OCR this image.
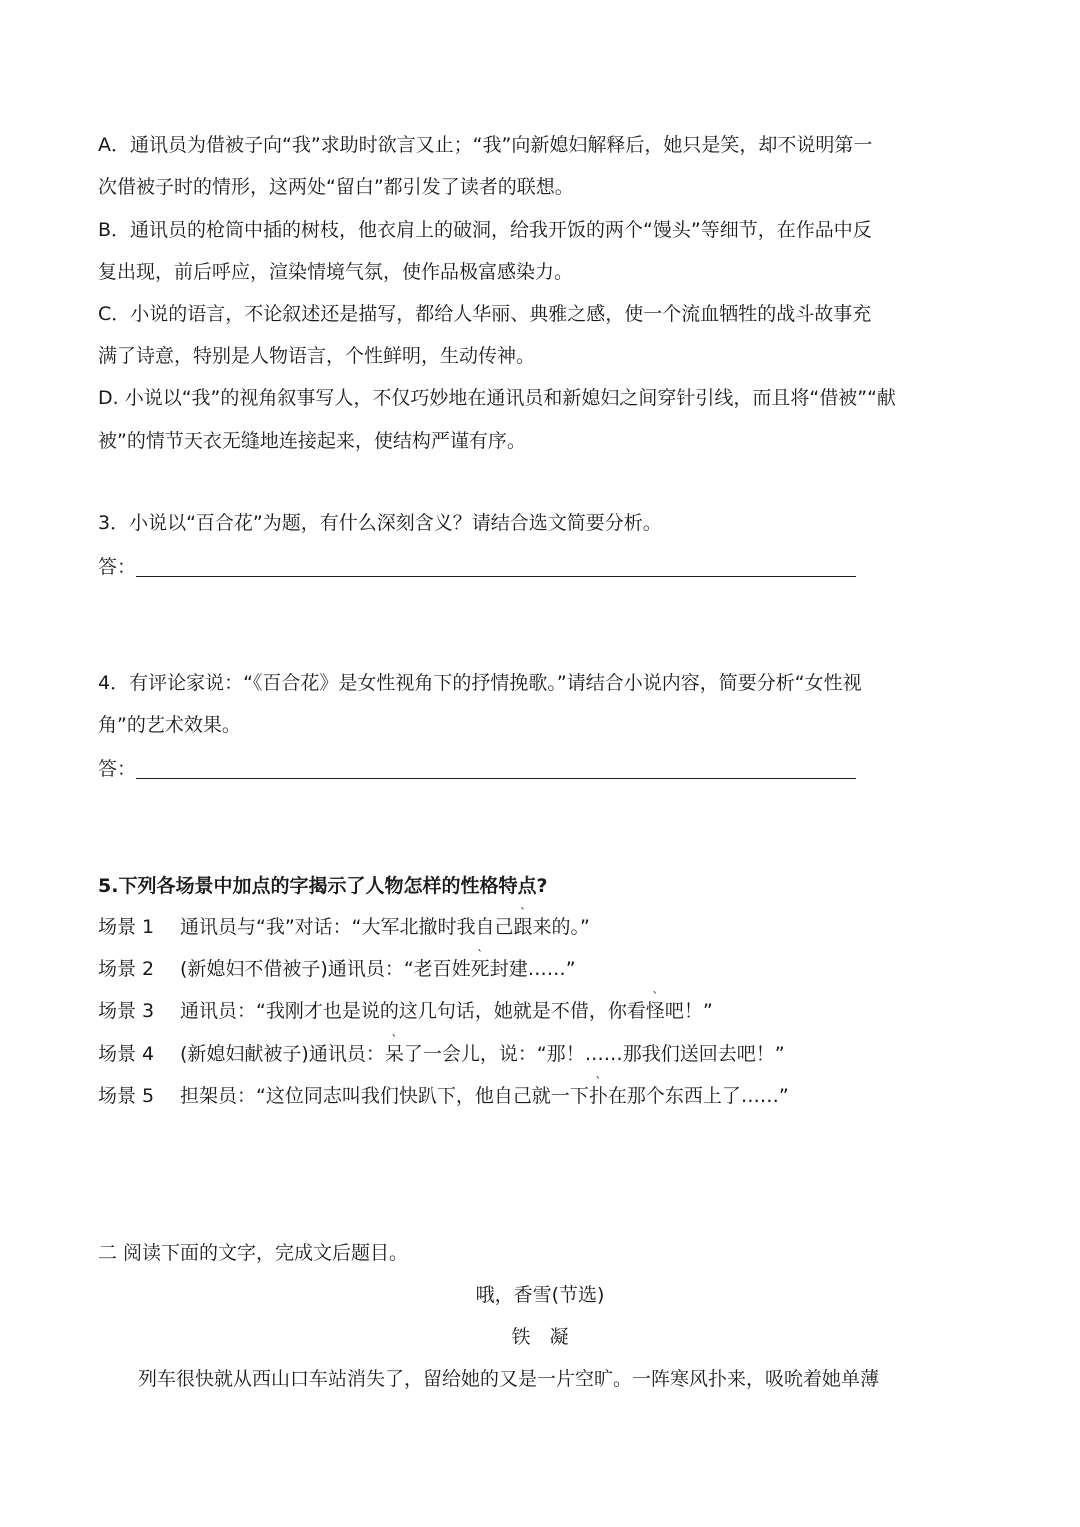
A．通讯员为借被子向“我”求助时欲言又止；“我”向新媳妇解释后，她只是笑，却不说明第一
次借被子时的情形，这两处“留白”都引发了读者的联想。
B．通讯员的枪筒中插的树枝，他衣肩上的破洞，给我开饭的两个“馒头”等细节，在作品中反
复出现，前后呼应，渲染情境气氛，使作品极富感染力。
C．小说的语言，不论叙述还是描写，都给人华丽、典雅之感，使一个流血牺牲的战斗故事充
满了诗意，特别是人物语言，个性鲜明，生动传神。
D. 小说以“我”的视角叙事写人，不仅巧妙地在通讯员和新媳妇之间穿针引线，而且将“借被”“献
被”的情节天衣无缝地连接起来，使结构严谨有序。
3．小说以“百合花”为题，有什么深刻含义？请结合选文简要分析。
答：
4．有评论家说：“《百合花》是女性视角下的抒情挽歌。”请结合小说内容，简要分析“女性视
角”的艺术效果。
答：
5.下列各场景中加点的字揭示了人物怎样的性格特点?
场景 1 通讯员与“我”对话：“大军北撤时我自己` 跟来的。”
场景 2 (新媳妇不借被子)通讯员：“老百姓` 死封建……”
场景 3 通讯员：“我刚才也是说的这几句话，她就是不借，你看` 怪吧！”
场景 4 (新媳妇献被子)通讯员：` 呆了一会儿，说：“那！……那我们送回去吧！”
场景 5 担架员：“这位同志叫我们快趴下，他自己就一下` 扑在那个东西上了……”
二 阅读下面的文字，完成文后题目。
哦，香雪(节选)
铁　凝
列车很快就从西山口车站消失了，留给她的又是一片空旷。一阵寒风扑来，吸吮着她单薄
